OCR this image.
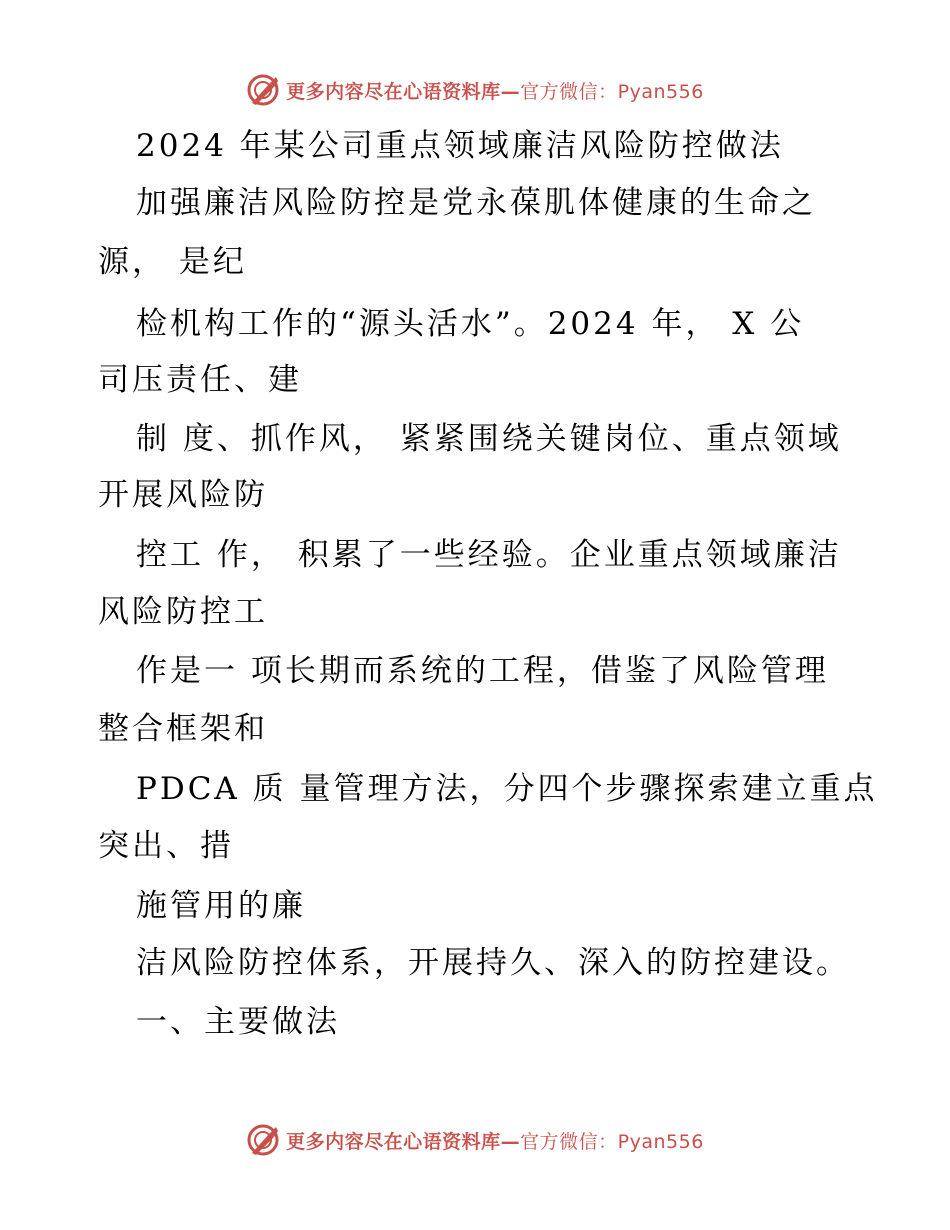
更多内容尽在心语资料库—官方微信：Pyan556
2024 年某公司重点领域廉洁风险防控做法
加强廉洁风险防控是党永葆肌体健康的生命之
源， 是纪
检机构工作的“源头活水”。2024 年， X 公
司压责任、建
制 度、抓作风， 紧紧围绕关键岗位、重点领域
开展风险防
控工 作， 积累了一些经验。企业重点领域廉洁
风险防控工
作是一 项长期而系统的工程，借鉴了风险管理
整合框架和
PDCA 质 量管理方法，分四个步骤探索建立重点
突出、措
施管用的廉
洁风险防控体系，开展持久、深入的防控建设。
一、主要做法
更多内容尽在心语资料库—官方微信：Pyan556
